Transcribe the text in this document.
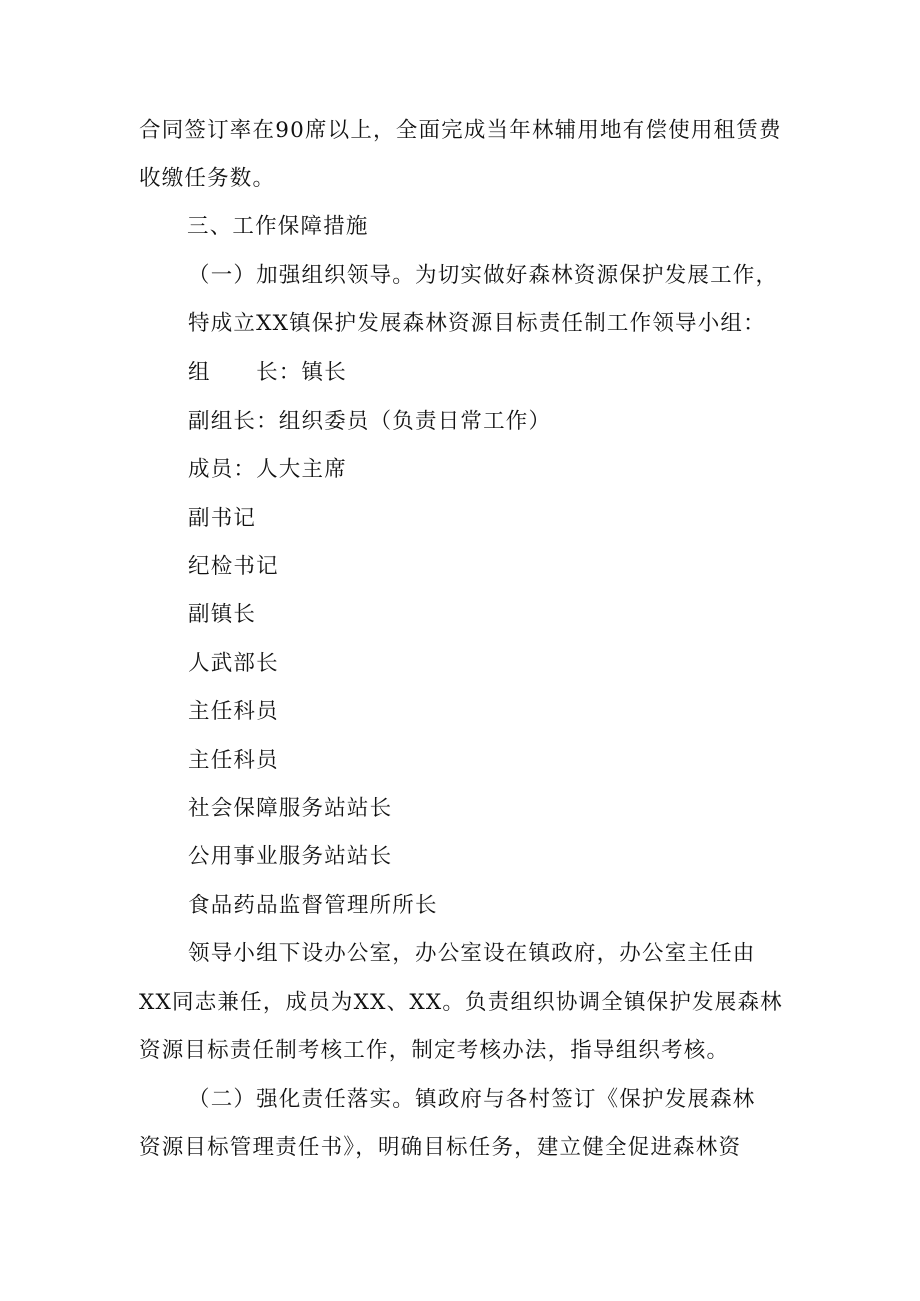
合同签订率在90席以上，全面完成当年林辅用地有偿使用租赁费
收缴任务数。
三、工作保障措施
（一）加强组织领导。为切实做好森林资源保护发展工作，
特成立XX镇保护发展森林资源目标责任制工作领导小组：
组　　长：镇长
副组长：组织委员（负责日常工作）
成员：人大主席
副书记
纪检书记
副镇长
人武部长
主任科员
主任科员
社会保障服务站站长
公用事业服务站站长
食品药品监督管理所所长
领导小组下设办公室，办公室设在镇政府，办公室主任由
XX同志兼任，成员为XX、XX。负责组织协调全镇保护发展森林
资源目标责任制考核工作，制定考核办法，指导组织考核。
（二）强化责任落实。镇政府与各村签订《保护发展森林
资源目标管理责任书》，明确目标任务，建立健全促进森林资
